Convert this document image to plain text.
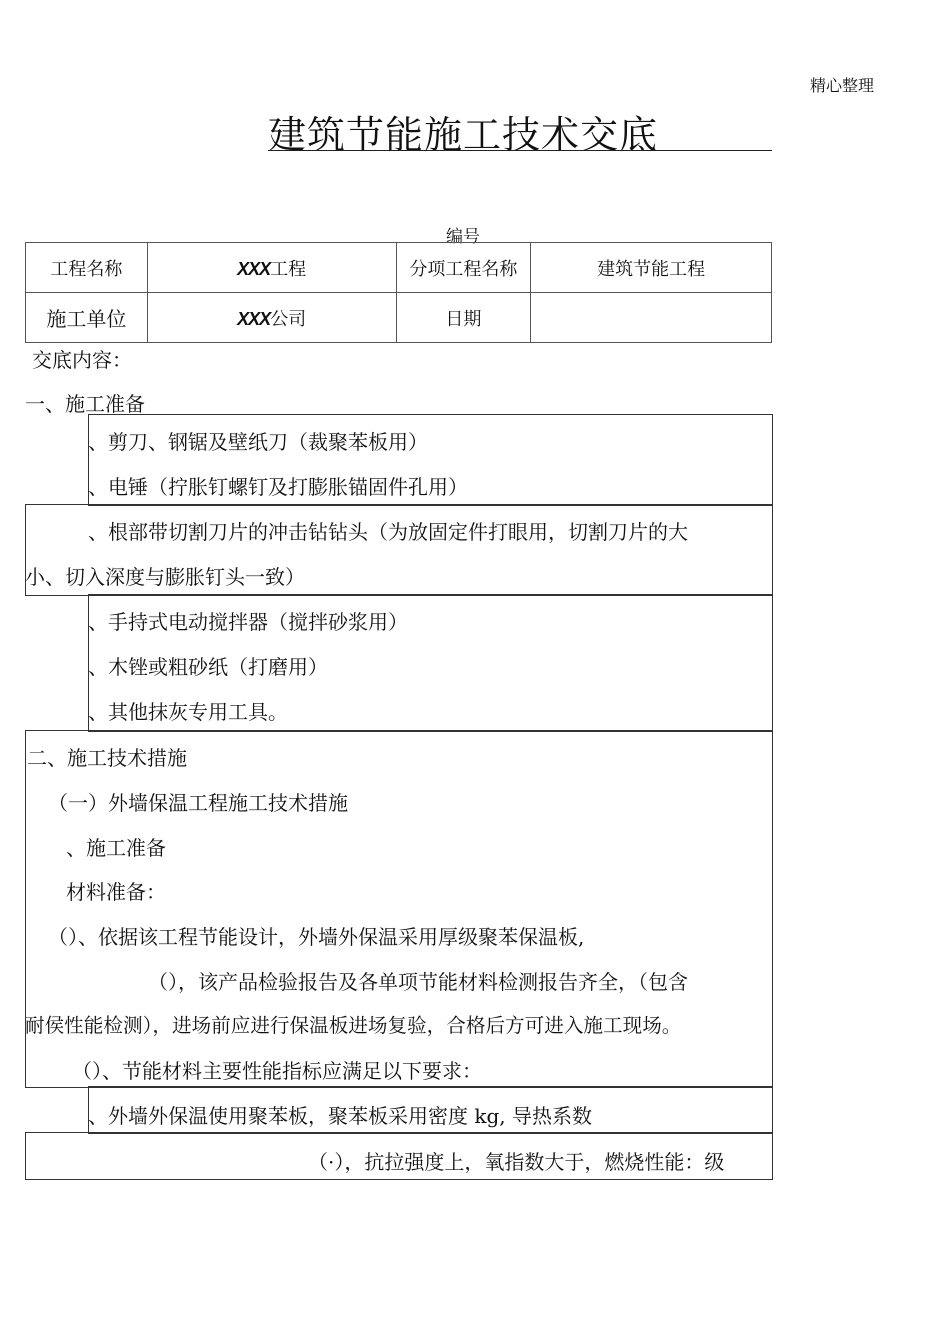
精心整理
建筑节能施工技术交底
编号
工程名称	XXX工程	分项工程名称	建筑节能工程
施工单位	XXX公司	日期	
交底内容：
一、施工准备
、剪刀、钢锯及壁纸刀（裁聚苯板用）
、电锤（拧胀钉螺钉及打膨胀锚固件孔用）
、根部带切割刀片的冲击钻钻头（为放固定件打眼用，切割刀片的大
小、切入深度与膨胀钉头一致）
、手持式电动搅拌器（搅拌砂浆用）
、木锉或粗砂纸（打磨用）
、其他抹灰专用工具。
二、施工技术措施
（一）外墙保温工程施工技术措施
、施工准备
材料准备：
（）、依据该工程节能设计，外墙外保温采用厚级聚苯保温板,
（），该产品检验报告及各单项节能材料检测报告齐全，（包含
耐侯性能检测），进场前应进行保温板进场复验，合格后方可进入施工现场。
（）、节能材料主要性能指标应满足以下要求：
、外墙外保温使用聚苯板，聚苯板采用密度 kg, 导热系数
（·），抗拉强度上，氧指数大于，燃烧性能：级
